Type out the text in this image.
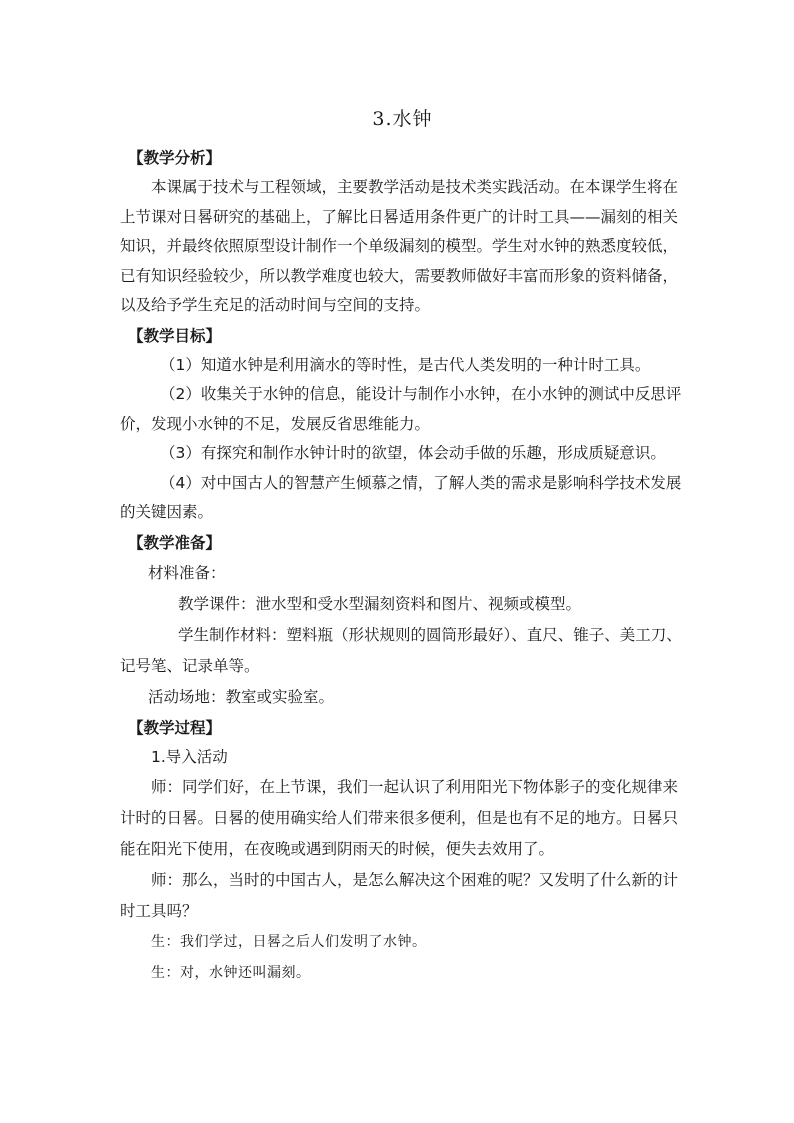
3.水钟
【教学分析】

本课属于技术与工程领域，主要教学活动是技术类实践活动。在本课学生将在上节课对日晷研究的基础上，了解比日晷适用条件更广的计时工具——漏刻的相关知识，并最终依照原型设计制作一个单级漏刻的模型。学生对水钟的熟悉度较低，已有知识经验较少，所以教学难度也较大，需要教师做好丰富而形象的资料储备，以及给予学生充足的活动时间与空间的支持。

【教学目标】

（1）知道水钟是利用滴水的等时性，是古代人类发明的一种计时工具。

（2）收集关于水钟的信息，能设计与制作小水钟，在小水钟的测试中反思评价，发现小水钟的不足，发展反省思维能力。

（3）有探究和制作水钟计时的欲望，体会动手做的乐趣，形成质疑意识。

（4）对中国古人的智慧产生倾慕之情，了解人类的需求是影响科学技术发展的关键因素。

【教学准备】

材料准备：

教学课件：泄水型和受水型漏刻资料和图片、视频或模型。

学生制作材料：塑料瓶（形状规则的圆筒形最好）、直尺、锥子、美工刀、记号笔、记录单等。

活动场地：教室或实验室。

【教学过程】

1.导入活动

师：同学们好，在上节课，我们一起认识了利用阳光下物体影子的变化规律来计时的日晷。日晷的使用确实给人们带来很多便利，但是也有不足的地方。日晷只能在阳光下使用，在夜晚或遇到阴雨天的时候，便失去效用了。

师：那么，当时的中国古人，是怎么解决这个困难的呢？又发明了什么新的计时工具吗？

生：我们学过，日晷之后人们发明了水钟。

生：对，水钟还叫漏刻。
